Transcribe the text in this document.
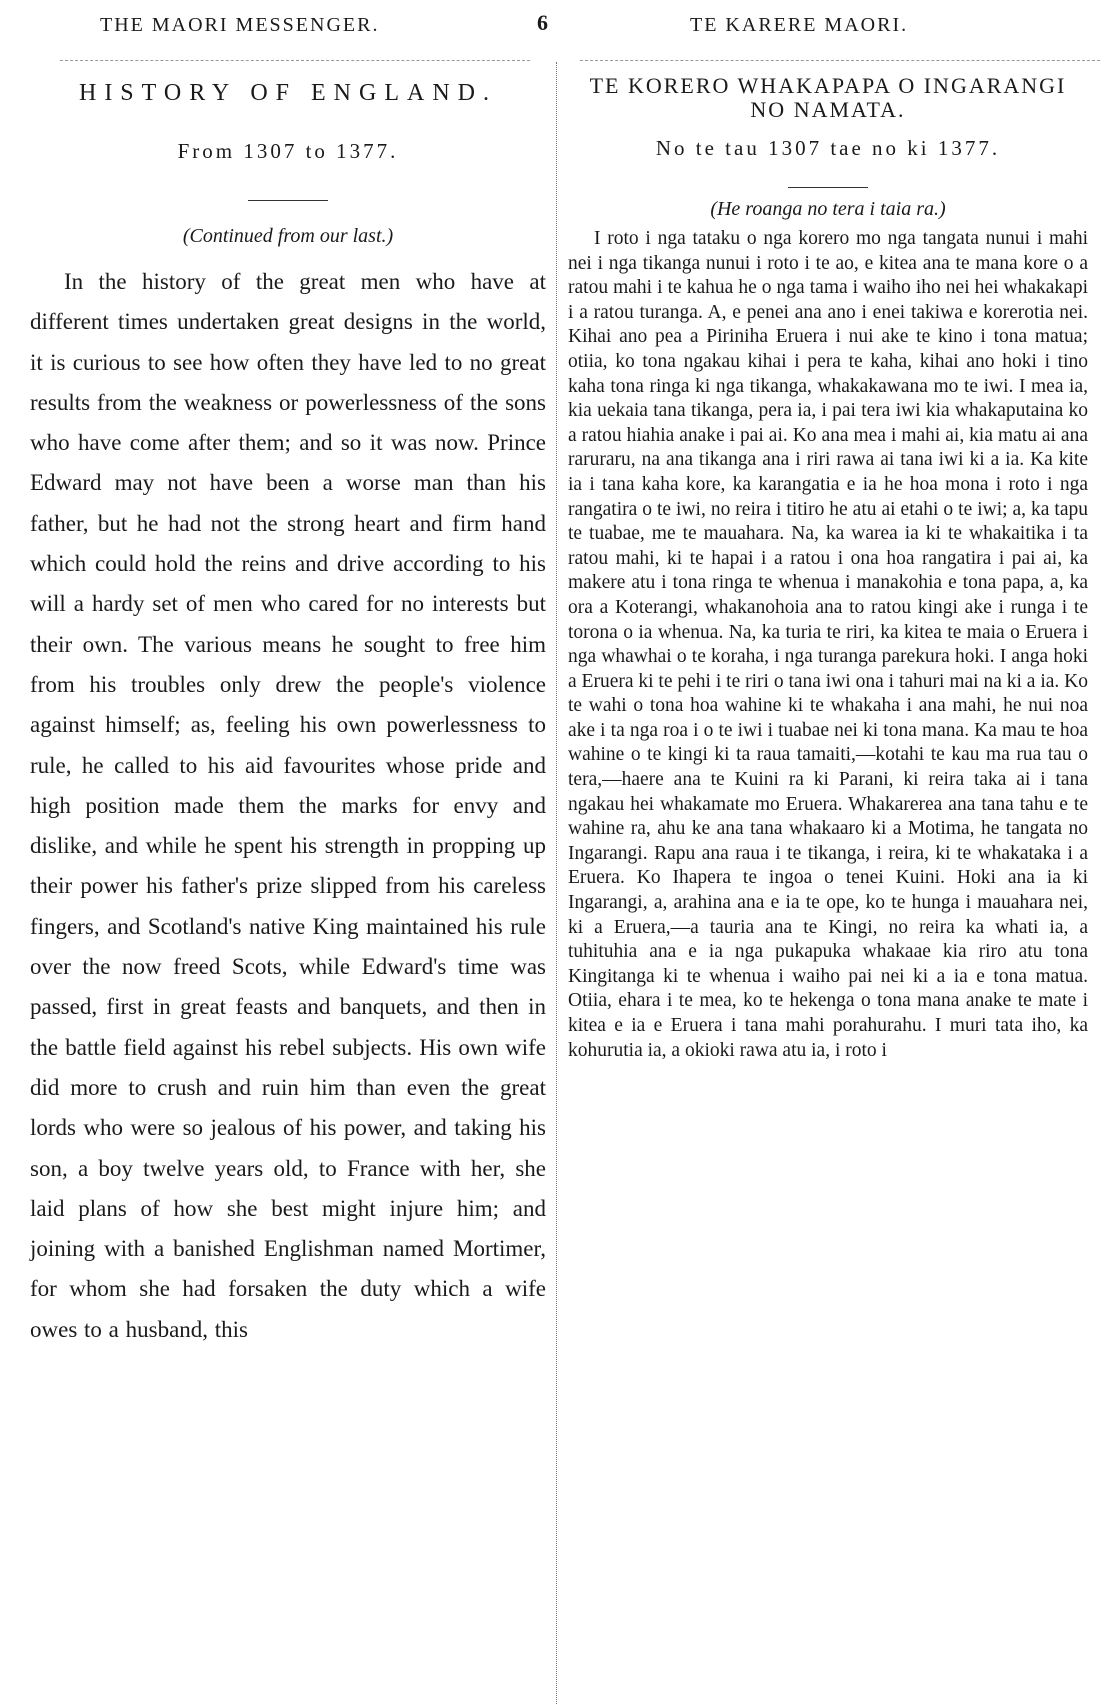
THE MAORI MESSENGER.	6	TE KARERE MAORI.
HISTORY OF ENGLAND.
From 1307 to 1377.
(Continued from our last.)
In the history of the great men who have at different times undertaken great designs in the world, it is curious to see how often they have led to no great results from the weakness or powerlessness of the sons who have come after them; and so it was now. Prince Edward may not have been a worse man than his father, but he had not the strong heart and firm hand which could hold the reins and drive according to his will a hardy set of men who cared for no interests but their own. The various means he sought to free him from his troubles only drew the people's violence against himself; as, feeling his own powerlessness to rule, he called to his aid favourites whose pride and high position made them the marks for envy and dislike, and while he spent his strength in propping up their power his father's prize slipped from his careless fingers, and Scotland's native King maintained his rule over the now freed Scots, while Edward's time was passed, first in great feasts and banquets, and then in the battle field against his rebel subjects. His own wife did more to crush and ruin him than even the great lords who were so jealous of his power, and taking his son, a boy twelve years old, to France with her, she laid plans of how she best might injure him; and joining with a banished Englishman named Mortimer, for whom she had forsaken the duty which a wife owes to a husband, this
TE KORERO WHAKAPAPA O INGARANGI NO NAMATA.
No te tau 1307 tae no ki 1377.
(He roanga no tera i taia ra.)
I roto i nga tataku o nga korero mo nga tangata nunui i mahi nei i nga tikanga nunui i roto i te ao, e kitea ana te mana kore o a ratou mahi i te kahua he o nga tama i waiho iho nei hei whakakapi i a ratou turanga. A, e penei ana ano i enei takiwa e korerotia nei. Kihai ano pea a Piriniha Eruera i nui ake te kino i tona matua; otiia, ko tona ngakau kihai i pera te kaha, kihai ano hoki i tino kaha tona ringa ki nga tikanga, whakakawana mo te iwi. I mea ia, kia uekaia tana tikanga, pera ia, i pai tera iwi kia whakaputaina ko a ratou hiahia anake i pai ai. Ko ana mea i mahi ai, kia matu ai ana raruraru, na ana tikanga ana i riri rawa ai tana iwi ki a ia. Ka kite ia i tana kaha kore, ka karangatia e ia he hoa mona i roto i nga rangatira o te iwi, no reira i titiro he atu ai etahi o te iwi; a, ka tapu te tuabae, me te mauahara. Na, ka warea ia ki te whakaitika i ta ratou mahi, ki te hapai i a ratou i ona hoa rangatira i pai ai, ka makere atu i tona ringa te whenua i manakohia e tona papa, a, ka ora a Koterangi, whakanohoia ana to ratou kingi ake i runga i te torona o ia whenua. Na, ka turia te riri, ka kitea te maia o Eruera i nga whawhai o te koraha, i nga turanga parekura hoki. I anga hoki a Eruera ki te pehi i te riri o tana iwi ona i tahuri mai na ki a ia. Ko te wahi o tona hoa wahine ki te whakaha i ana mahi, he nui noa ake i ta nga roa i o te iwi i tuabae nei ki tona mana. Ka mau te hoa wahine o te kingi ki ta raua tamaiti,—kotahi te kau ma rua tau o tera,—haere ana te Kuini ra ki Parani, ki reira taka ai i tana ngakau hei whakamate mo Eruera. Whakarerea ana tana tahu e te wahine ra, ahu ke ana tana whakaaro ki a Motima, he tangata no Ingarangi. Rapu ana raua i te tikanga, i reira, ki te whakataka i a Eruera. Ko Ihapera te ingoa o tenei Kuini. Hoki ana ia ki Ingarangi, a, arahina ana e ia te ope, ko te hunga i mauahara nei, ki a Eruera,—a tauria ana te Kingi, no reira ka whati ia, a tuhituhia ana e ia nga pukapuka whakaae kia riro atu tona Kingitanga ki te whenua i waiho pai nei ki a ia e tona matua. Otiia, ehara i te mea, ko te hekenga o tona mana anake te mate i kitea e ia e Eruera i tana mahi porahurahu. I muri tata iho, ka kohurutia ia, a okioki rawa atu ia, i roto i
